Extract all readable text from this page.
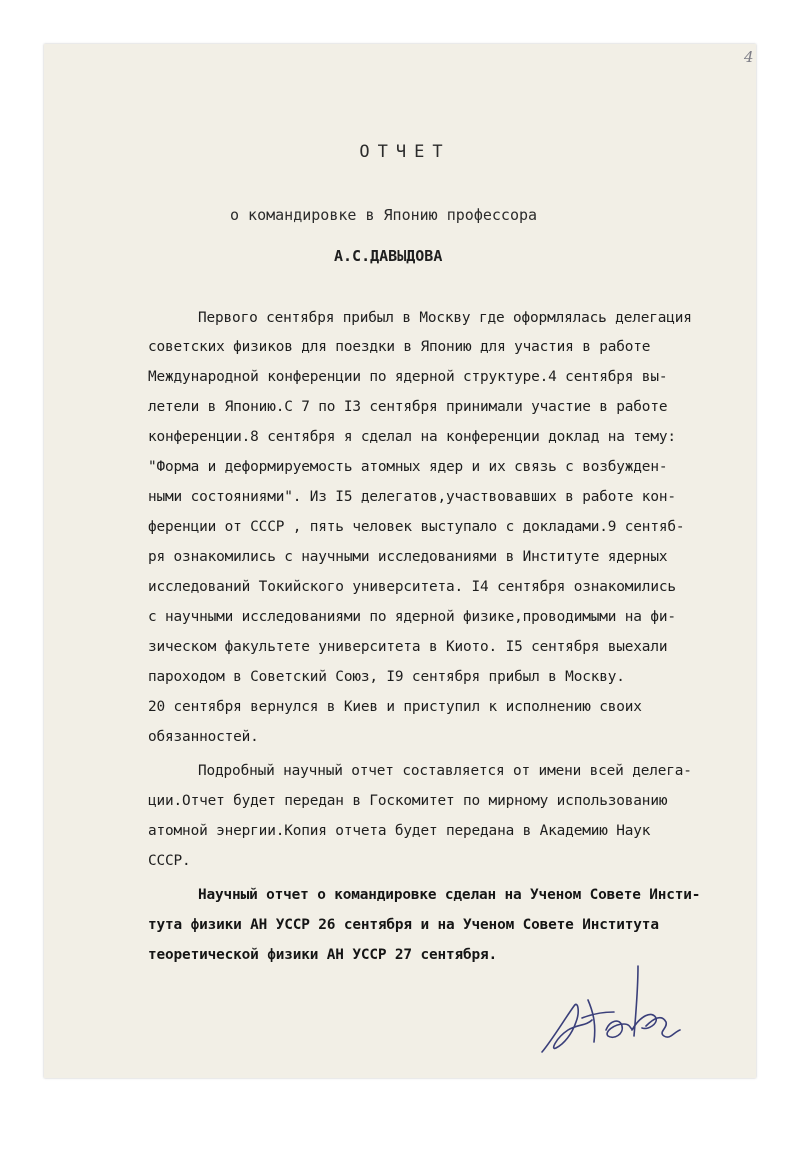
4
ОТЧЕТ
о командировке в Японию профессора
А.С.ДАВЫДОВА
Первого сентября прибыл в Москву где оформлялась делегация
советских физиков для поездки в Японию для участия в работе
Международной конференции по ядерной структуре.4 сентября вы-
летели в Японию.С 7 по I3 сентября принимали участие в работе
конференции.8 сентября я сделал на конференции доклад на тему:
"Форма и деформируемость атомных ядер и их связь с возбужден-
ными состояниями". Из I5 делегатов,участвовавших в работе кон-
ференции от СССР , пять человек выступало с докладами.9 сентяб-
ря ознакомились с научными исследованиями в Институте ядерных
исследований Токийского университета. I4 сентября ознакомились
с научными исследованиями по ядерной физике,проводимыми на фи-
зическом факультете университета в Киото. I5 сентября выехали
пароходом в Советский Союз, I9 сентября прибыл в Москву.
20 сентября вернулся в Киев и приступил к исполнению своих
обязанностей.
Подробный научный отчет составляется от имени всей делега-
ции.Отчет будет передан в Госкомитет по мирному использованию
атомной энергии.Копия отчета будет передана в Академию Наук
СССР.
Научный отчет о командировке сделан на Ученом Совете Инсти-
тута физики АН УССР 26 сентября и на Ученом Совете Института
теоретической физики АН УССР 27 сентября.
